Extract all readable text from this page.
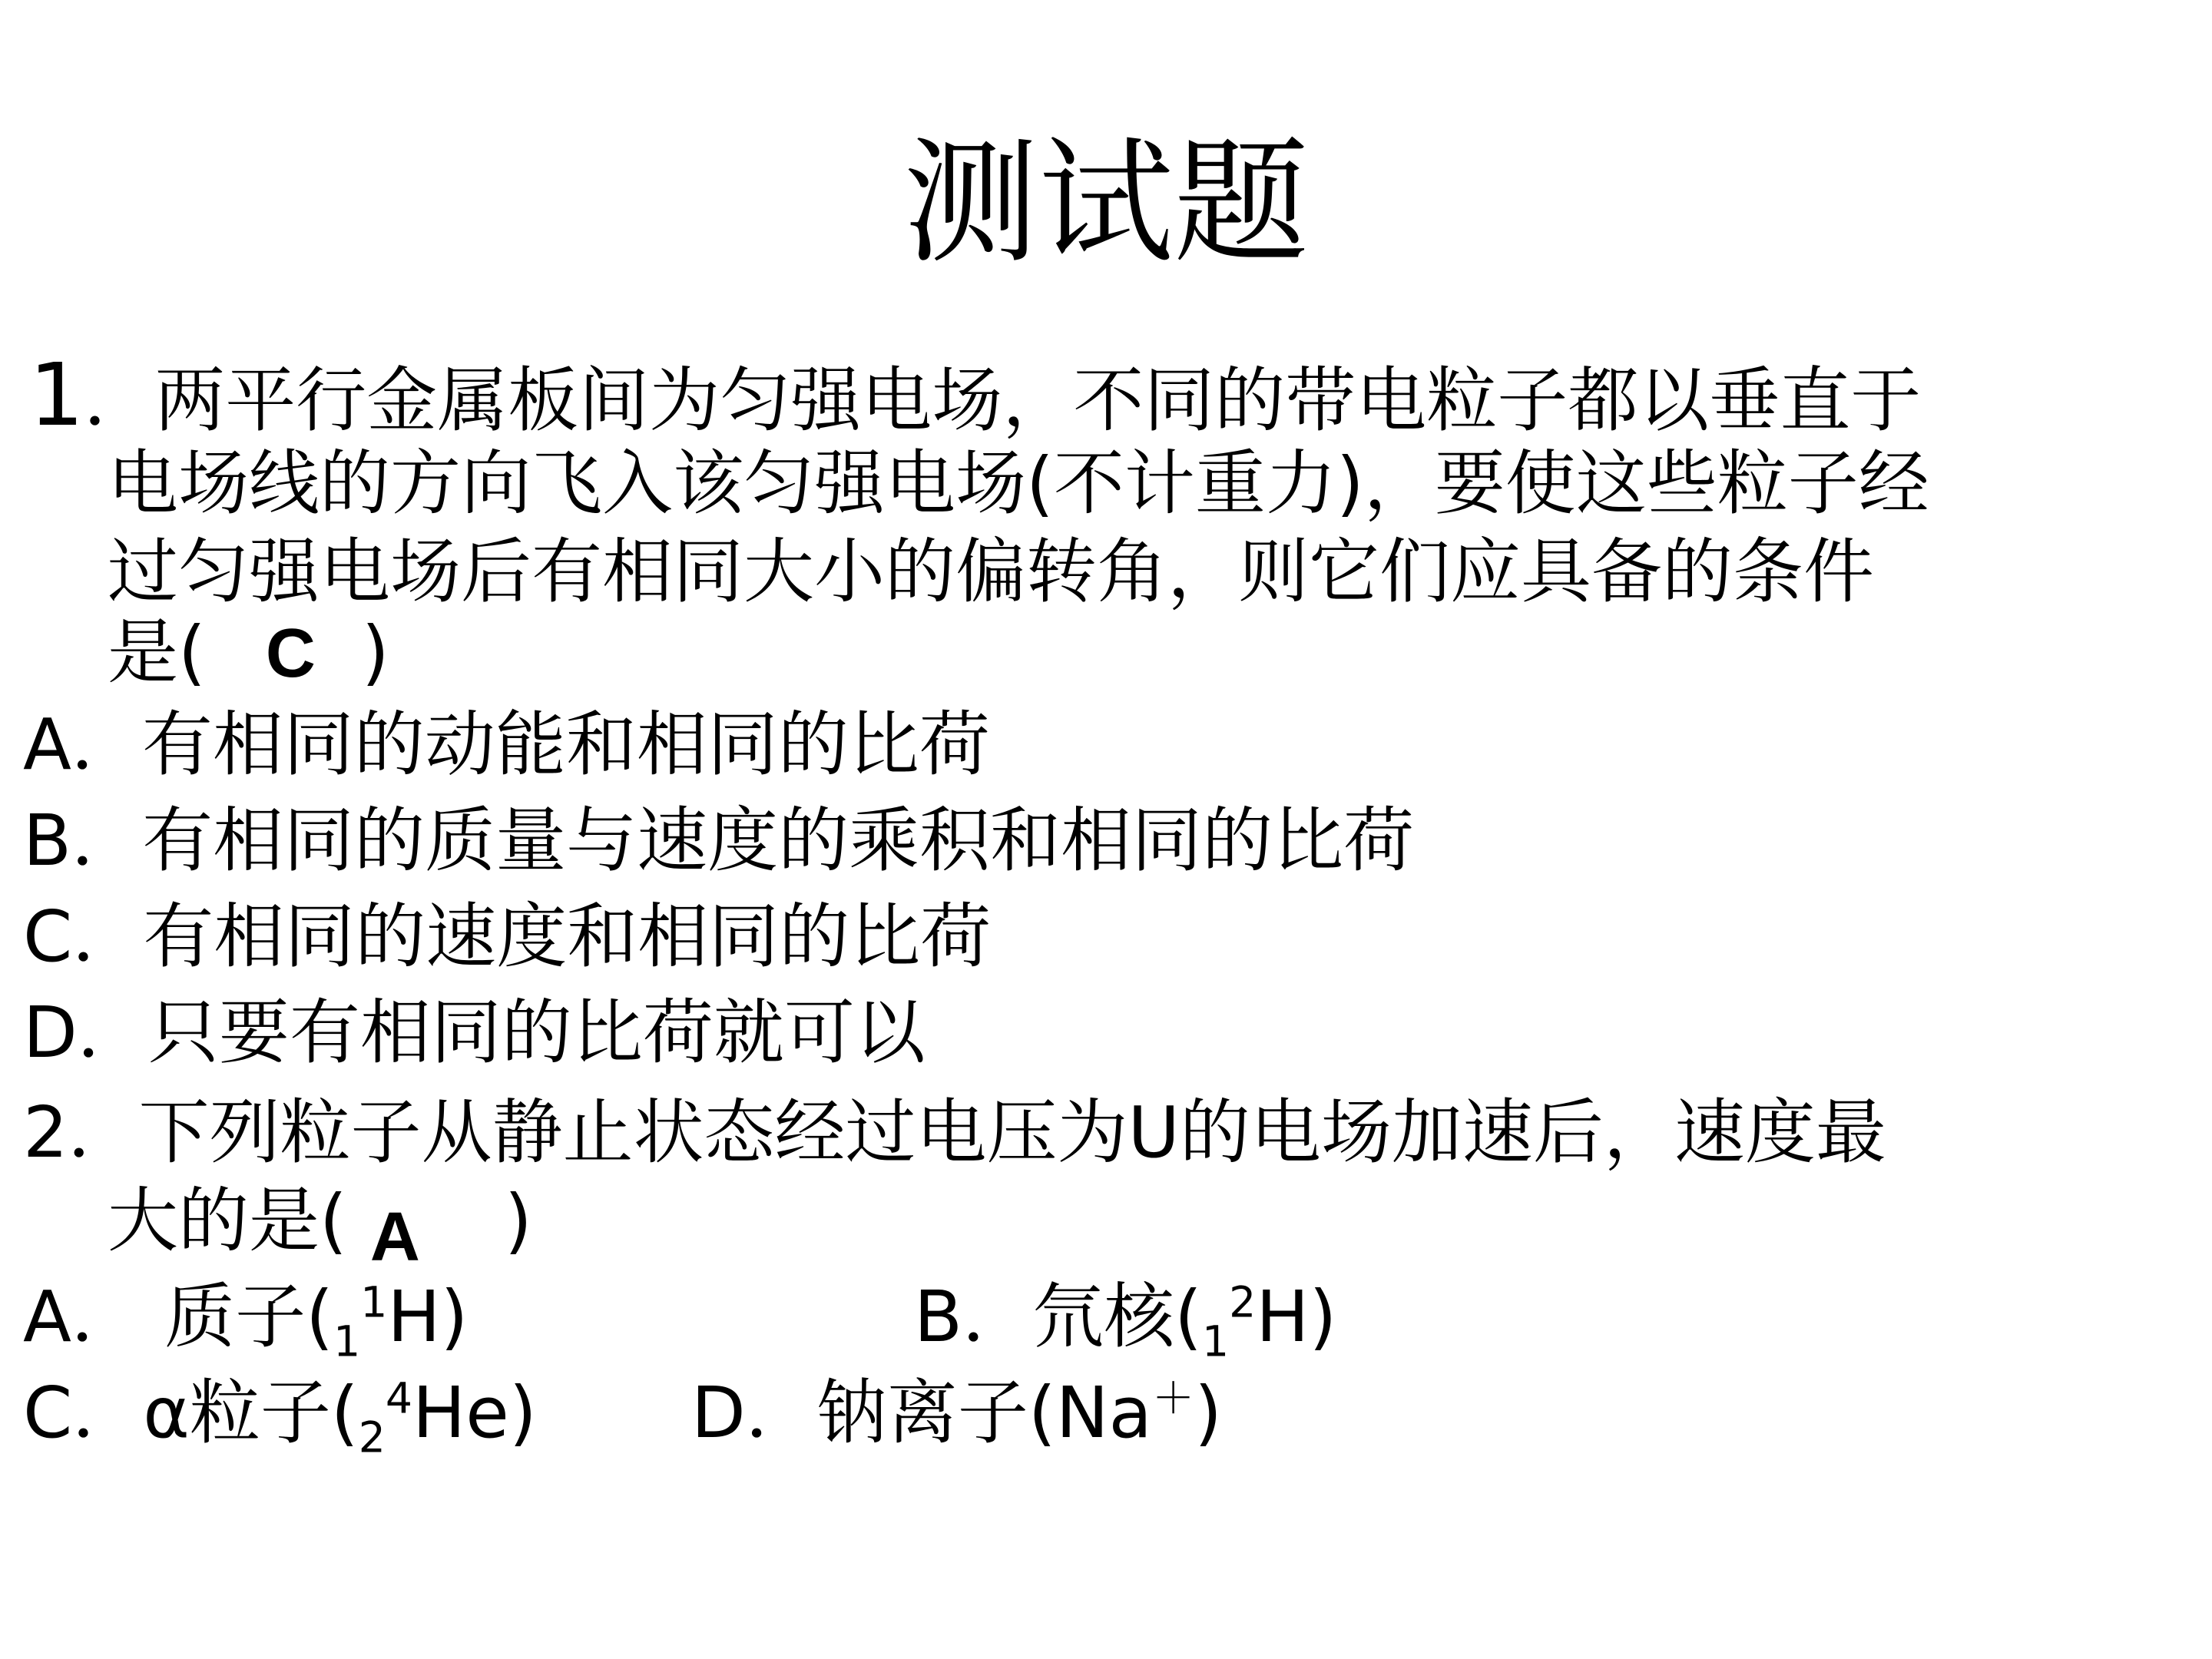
测试题
1．两平行金属板间为匀强电场，不同的带电粒子都以垂直于
电场线的方向飞入该匀强电场(不计重力)，要使这些粒子经
过匀强电场后有相同大小的偏转角，则它们应具备的条件
是( C )
A．有相同的动能和相同的比荷
B．有相同的质量与速度的乘积和相同的比荷
C．有相同的速度和相同的比荷
D．只要有相同的比荷就可以
2．下列粒子从静止状态经过电压为U的电场加速后，速度最
大的是( A )
A． 质子$(_1^1H)$	B．氘核$(_1^2H)$
C．α粒子$(_2^4He)$ D．钠离子(Na＋)
